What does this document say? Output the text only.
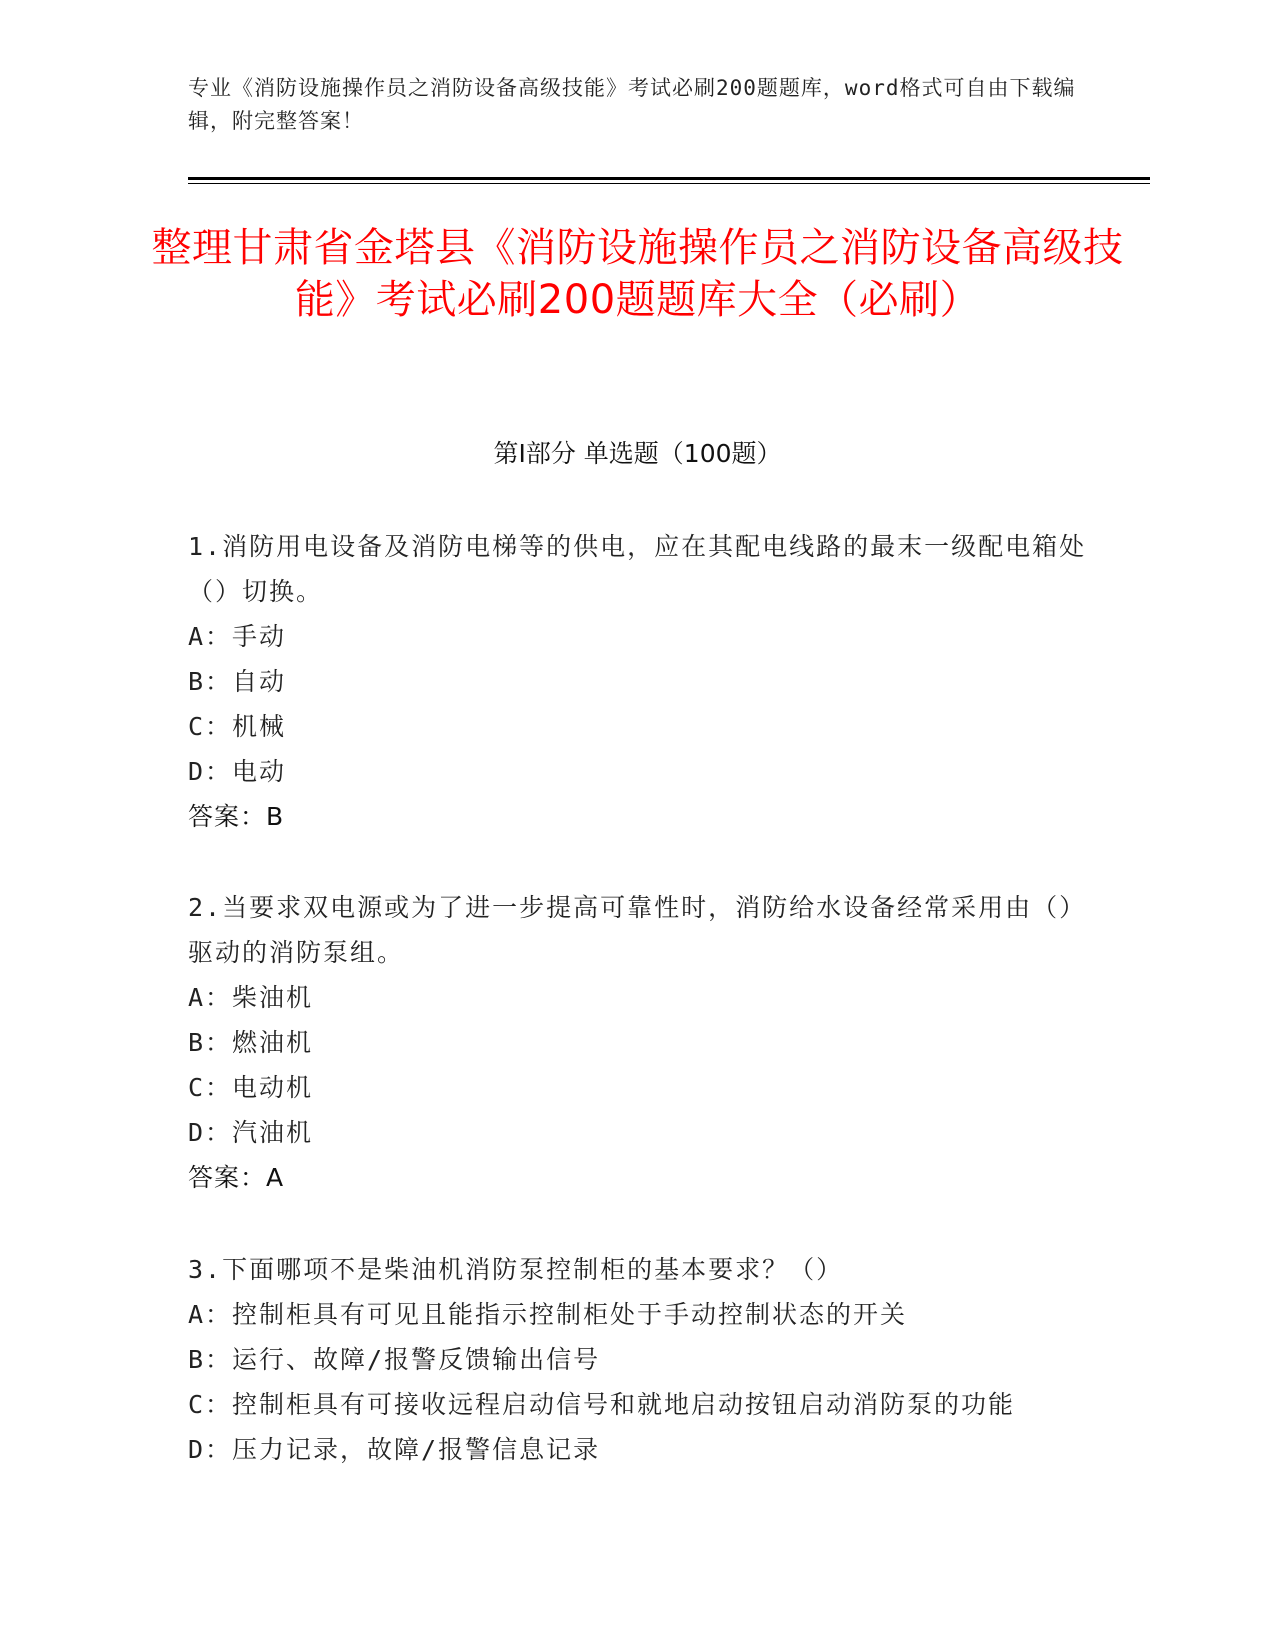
专业《消防设施操作员之消防设备高级技能》考试必刷200题题库，word格式可自由下载编辑，附完整答案！
整理甘肃省金塔县《消防设施操作员之消防设备高级技能》考试必刷200题题库大全（必刷）
第I部分 单选题（100题）
1.消防用电设备及消防电梯等的供电，应在其配电线路的最末一级配电箱处（）切换。
A：手动
B：自动
C：机械
D：电动
答案：B
2.当要求双电源或为了进一步提高可靠性时，消防给水设备经常采用由（）驱动的消防泵组。
A：柴油机
B：燃油机
C：电动机
D：汽油机
答案：A
3.下面哪项不是柴油机消防泵控制柜的基本要求？（）
A：控制柜具有可见且能指示控制柜处于手动控制状态的开关
B：运行、故障/报警反馈输出信号
C：控制柜具有可接收远程启动信号和就地启动按钮启动消防泵的功能
D：压力记录，故障/报警信息记录
